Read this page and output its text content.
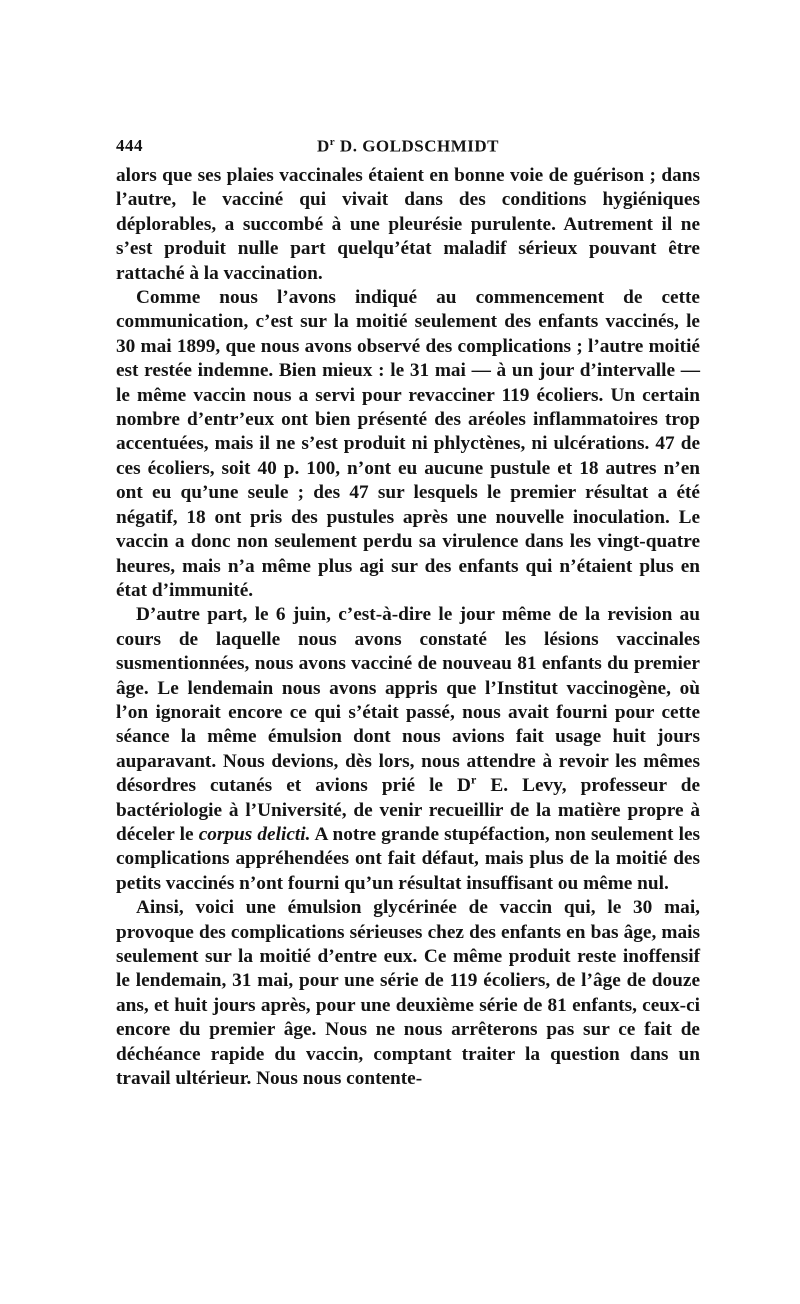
444	$D^r$ D. GOLDSCHMIDT

alors que ses plaies vaccinales étaient en bonne voie de guérison ; dans l’autre, le vacciné qui vivait dans des conditions hygiéniques déplorables, a succombé à une pleurésie purulente. Autrement il ne s’est produit nulle part quelqu’état maladif sérieux pouvant être rattaché à la vaccination.

Comme nous l’avons indiqué au commencement de cette communication, c’est sur la moitié seulement des enfants vaccinés, le 30 mai 1899, que nous avons observé des complications ; l’autre moitié est restée indemne. Bien mieux : le 31 mai — à un jour d’intervalle — le même vaccin nous a servi pour revacciner 119 écoliers. Un certain nombre d’entr’eux ont bien présenté des aréoles inflammatoires trop accentuées, mais il ne s’est produit ni phlyctènes, ni ulcérations. 47 de ces écoliers, soit 40 p. 100, n’ont eu aucune pustule et 18 autres n’en ont eu qu’une seule ; des 47 sur lesquels le premier résultat a été négatif, 18 ont pris des pustules après une nouvelle inoculation. Le vaccin a donc non seulement perdu sa virulence dans les vingt-quatre heures, mais n’a même plus agi sur des enfants qui n’étaient plus en état d’immunité.

D’autre part, le 6 juin, c’est-à-dire le jour même de la revision au cours de laquelle nous avons constaté les lésions vaccinales susmentionnées, nous avons vacciné de nouveau 81 enfants du premier âge. Le lendemain nous avons appris que l’Institut vaccinogène, où l’on ignorait encore ce qui s’était passé, nous avait fourni pour cette séance la même émulsion dont nous avions fait usage huit jours auparavant. Nous devions, dès lors, nous attendre à revoir les mêmes désordres cutanés et avions prié le $D^r$ E. Levy, professeur de bactériologie à l’Université, de venir recueillir de la matière propre à déceler le corpus delicti. A notre grande stupéfaction, non seulement les complications appréhendées ont fait défaut, mais plus de la moitié des petits vaccinés n’ont fourni qu’un résultat insuffisant ou même nul.

Ainsi, voici une émulsion glycérinée de vaccin qui, le 30 mai, provoque des complications sérieuses chez des enfants en bas âge, mais seulement sur la moitié d’entre eux. Ce même produit reste inoffensif le lendemain, 31 mai, pour une série de 119 écoliers, de l’âge de douze ans, et huit jours après, pour une deuxième série de 81 enfants, ceux-ci encore du premier âge. Nous ne nous arrêterons pas sur ce fait de déchéance rapide du vaccin, comptant traiter la question dans un travail ultérieur. Nous nous contente-
